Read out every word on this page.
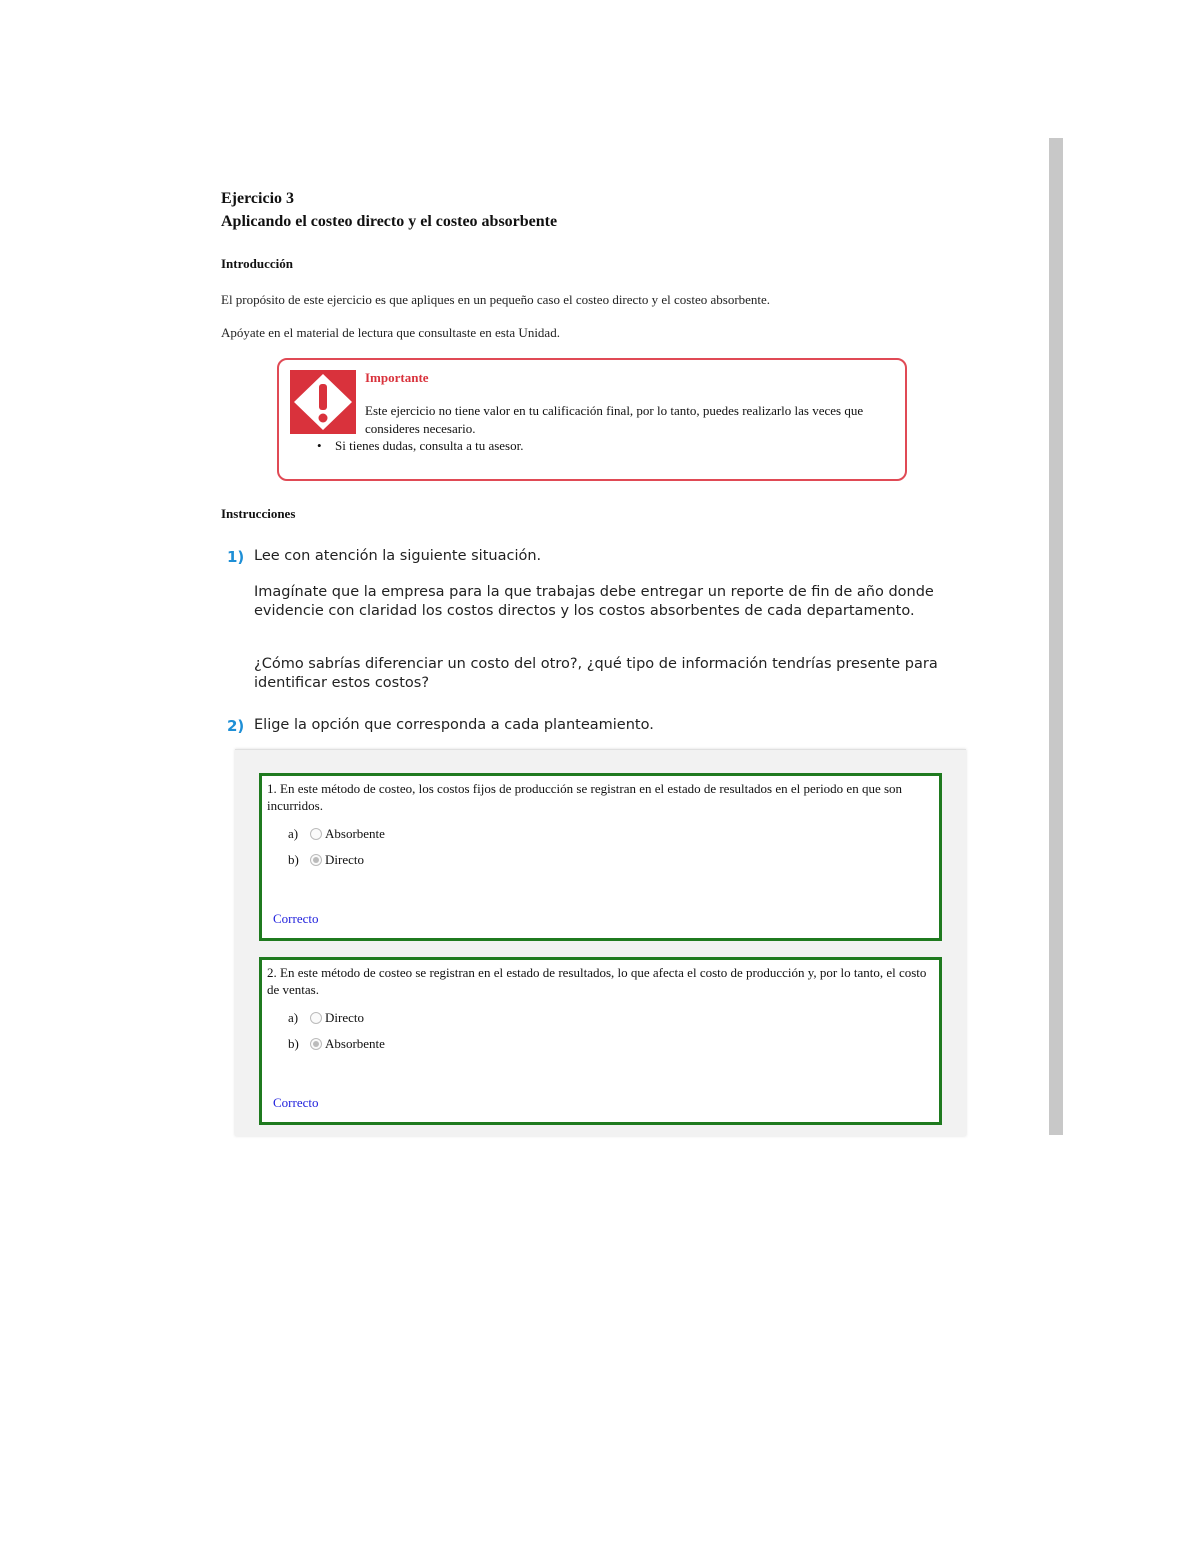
Ejercicio 3
Aplicando el costeo directo y el costeo absorbente
Introducción
El propósito de este ejercicio es que apliques en un pequeño caso el costeo directo y el costeo absorbente.
Apóyate en el material de lectura que consultaste en esta Unidad.
Importante
Este ejercicio no tiene valor en tu calificación final, por lo tanto, puedes realizarlo las veces que consideres necesario.
• Si tienes dudas, consulta a tu asesor.
Instrucciones
1) Lee con atención la siguiente situación.
Imagínate que la empresa para la que trabajas debe entregar un reporte de fin de año donde evidencie con claridad los costos directos y los costos absorbentes de cada departamento.
¿Cómo sabrías diferenciar un costo del otro?, ¿qué tipo de información tendrías presente para identificar estos costos?
2) Elige la opción que corresponda a cada planteamiento.
1. En este método de costeo, los costos fijos de producción se registran en el estado de resultados en el periodo en que son incurridos.
a)	Absorbente
b)	Directo
Correcto
2. En este método de costeo se registran en el estado de resultados, lo que afecta el costo de producción y, por lo tanto, el costo de ventas.
a)	Directo
b)	Absorbente
Correcto
